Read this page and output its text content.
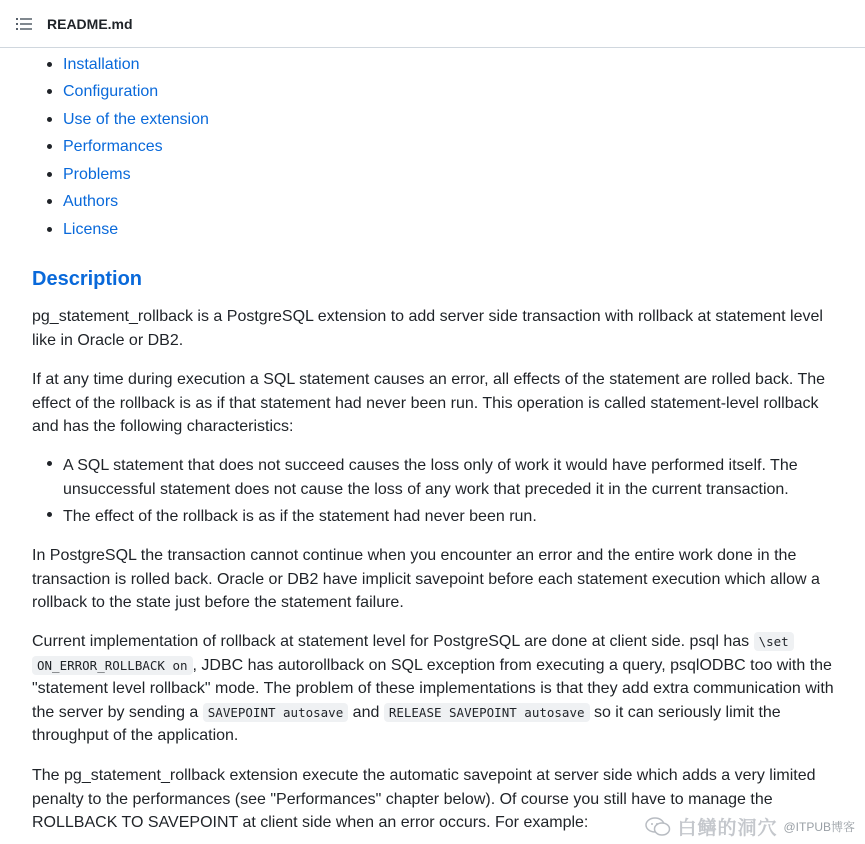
README.md
Installation
Configuration
Use of the extension
Performances
Problems
Authors
License
Description

pg_statement_rollback is a PostgreSQL extension to add server side transaction with rollback at statement level like in Oracle or DB2.

If at any time during execution a SQL statement causes an error, all effects of the statement are rolled back. The effect of the rollback is as if that statement had never been run. This operation is called statement-level rollback and has the following characteristics:

A SQL statement that does not succeed causes the loss only of work it would have performed itself. The unsuccessful statement does not cause the loss of any work that preceded it in the current transaction.
The effect of the rollback is as if the statement had never been run.

In PostgreSQL the transaction cannot continue when you encounter an error and the entire work done in the transaction is rolled back. Oracle or DB2 have implicit savepoint before each statement execution which allow a rollback to the state just before the statement failure.

Current implementation of rollback at statement level for PostgreSQL are done at client side. psql has \set
ON_ERROR_ROLLBACK on , JDBC has autorollback on SQL exception from executing a query, psqlODBC too with the "statement level rollback" mode. The problem of these implementations is that they add extra communication with the server by sending a SAVEPOINT autosave and RELEASE SAVEPOINT autosave so it can seriously limit the throughput of the application.

The pg_statement_rollback extension execute the automatic savepoint at server side which adds a very limited penalty to the performances (see "Performances" chapter below). Of course you still have to manage the ROLLBACK TO SAVEPOINT at client side when an error occurs. For example:	白鳝的洞穴 @ITPUB博客
